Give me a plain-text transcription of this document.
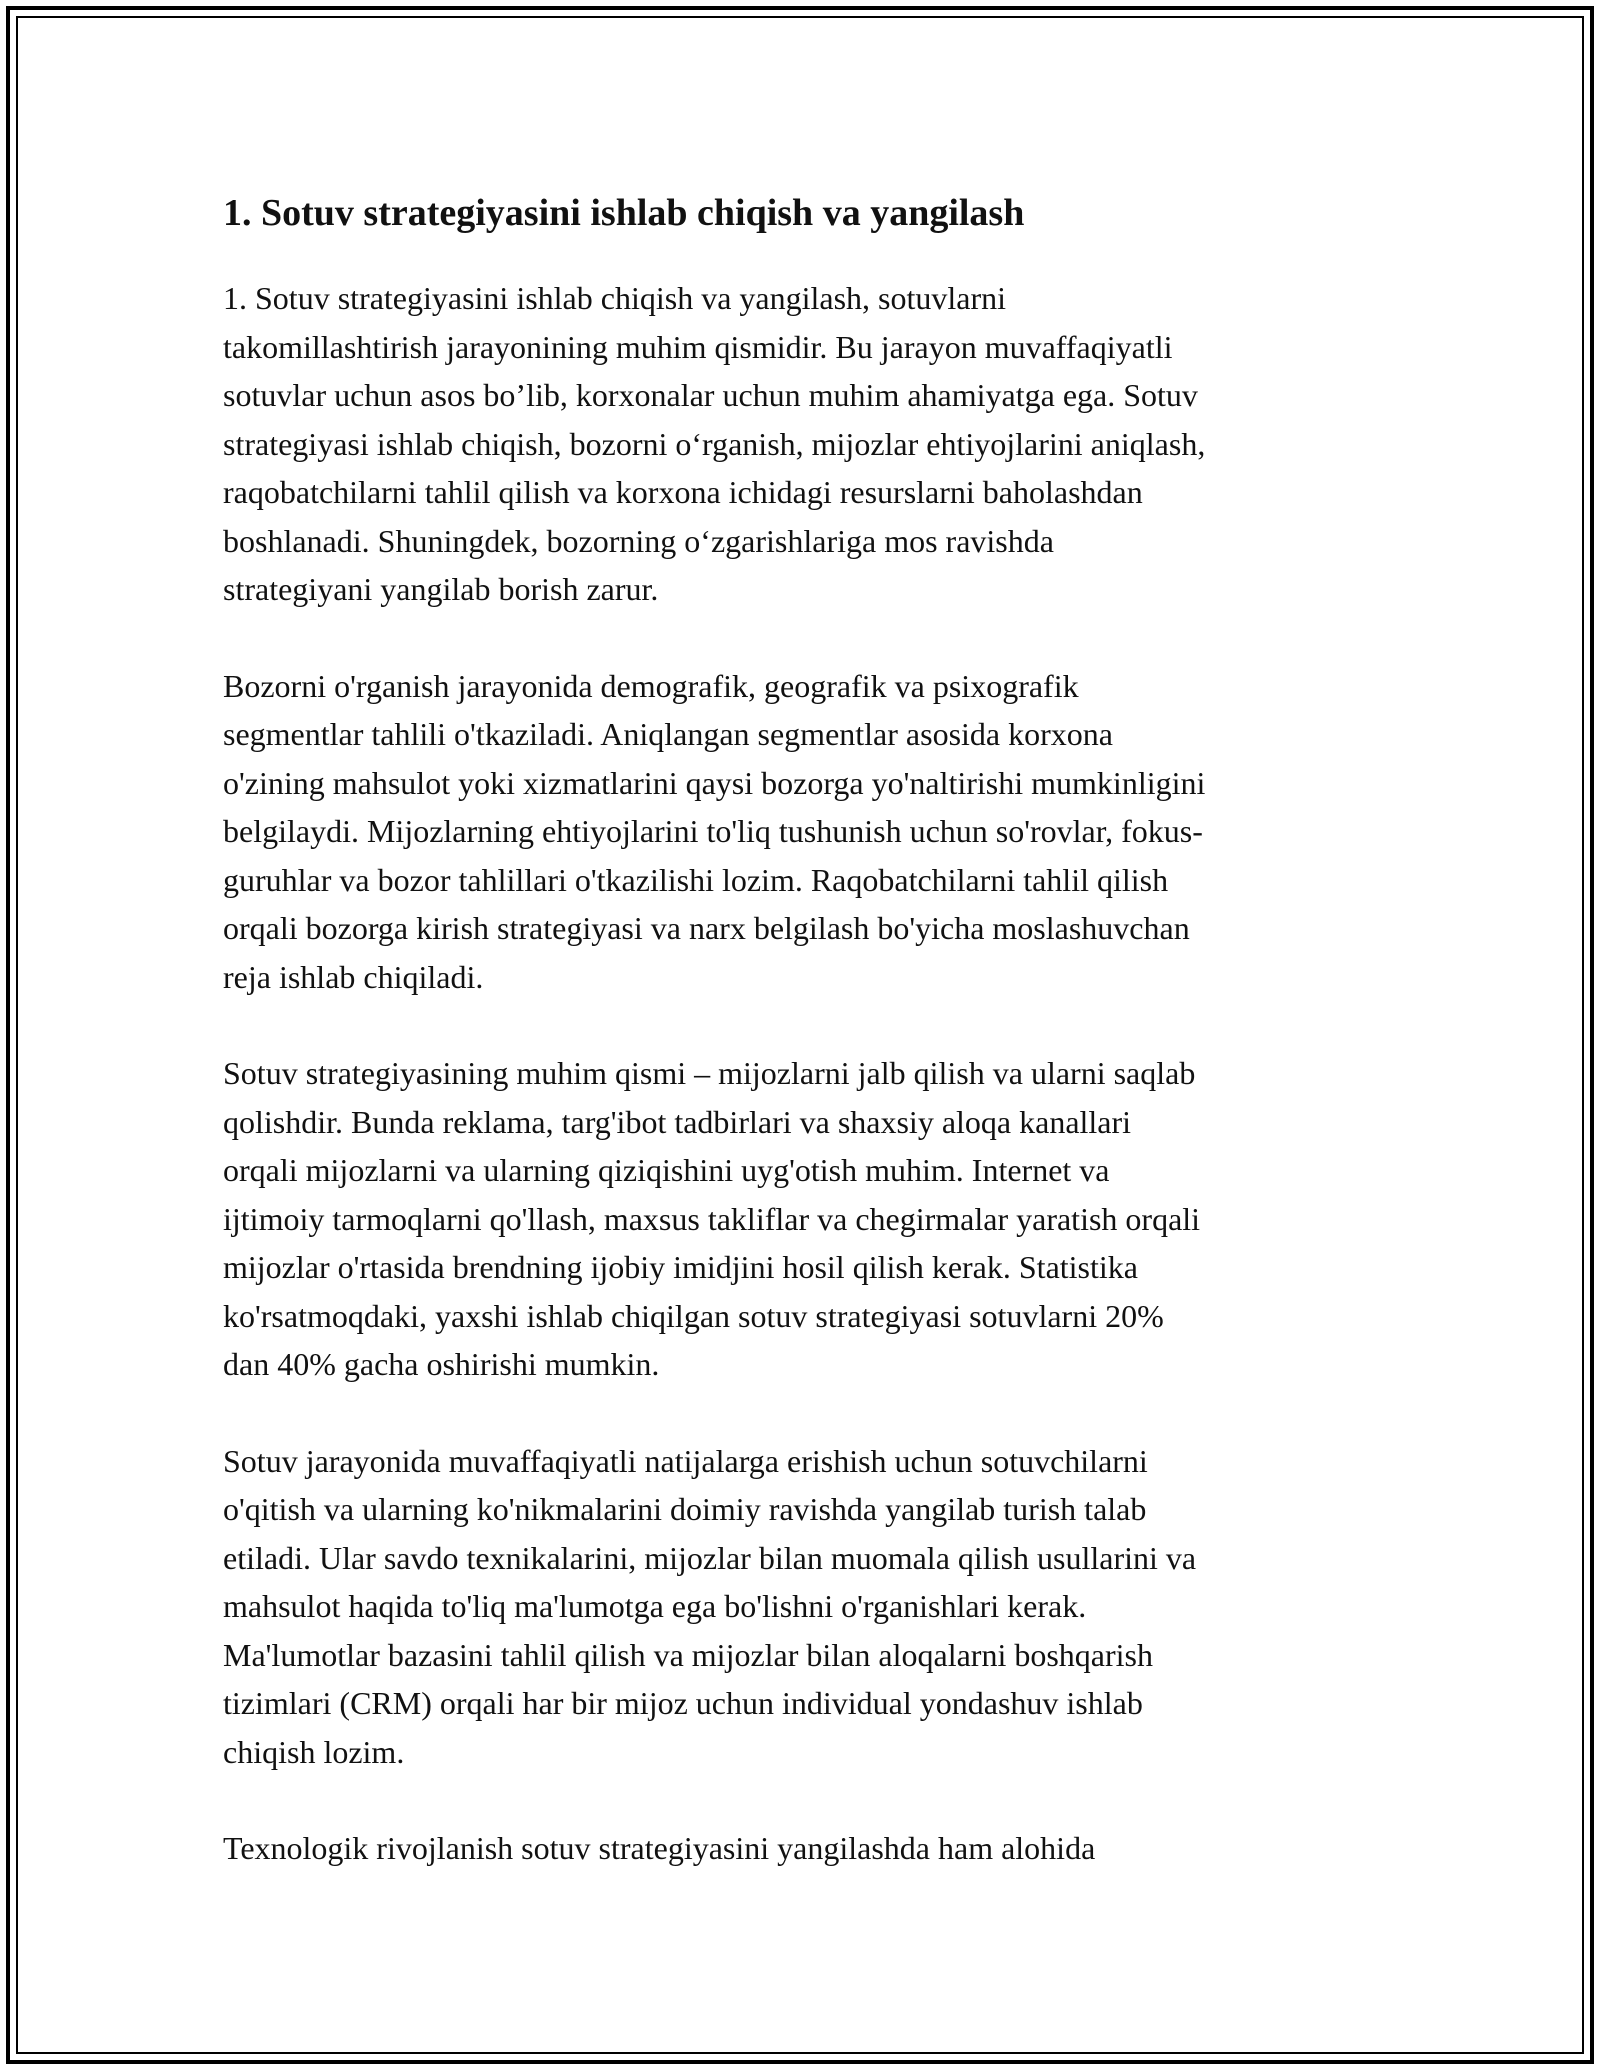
1. Sotuv strategiyasini ishlab chiqish va yangilash

1. Sotuv strategiyasini ishlab chiqish va yangilash, sotuvlarni
takomillashtirish jarayonining muhim qismidir. Bu jarayon muvaffaqiyatli
sotuvlar uchun asos bo’lib, korxonalar uchun muhim ahamiyatga ega. Sotuv
strategiyasi ishlab chiqish, bozorni o‘rganish, mijozlar ehtiyojlarini aniqlash,
raqobatchilarni tahlil qilish va korxona ichidagi resurslarni baholashdan
boshlanadi. Shuningdek, bozorning o‘zgarishlariga mos ravishda
strategiyani yangilab borish zarur.

Bozorni o'rganish jarayonida demografik, geografik va psixografik
segmentlar tahlili o'tkaziladi. Aniqlangan segmentlar asosida korxona
o'zining mahsulot yoki xizmatlarini qaysi bozorga yo'naltirishi mumkinligini
belgilaydi. Mijozlarning ehtiyojlarini to'liq tushunish uchun so'rovlar, fokus-
guruhlar va bozor tahlillari o'tkazilishi lozim. Raqobatchilarni tahlil qilish
orqali bozorga kirish strategiyasi va narx belgilash bo'yicha moslashuvchan
reja ishlab chiqiladi.

Sotuv strategiyasining muhim qismi – mijozlarni jalb qilish va ularni saqlab
qolishdir. Bunda reklama, targ'ibot tadbirlari va shaxsiy aloqa kanallari
orqali mijozlarni va ularning qiziqishini uyg'otish muhim. Internet va
ijtimoiy tarmoqlarni qo'llash, maxsus takliflar va chegirmalar yaratish orqali
mijozlar o'rtasida brendning ijobiy imidjini hosil qilish kerak. Statistika
ko'rsatmoqdaki, yaxshi ishlab chiqilgan sotuv strategiyasi sotuvlarni 20%
dan 40% gacha oshirishi mumkin.

Sotuv jarayonida muvaffaqiyatli natijalarga erishish uchun sotuvchilarni
o'qitish va ularning ko'nikmalarini doimiy ravishda yangilab turish talab
etiladi. Ular savdo texnikalarini, mijozlar bilan muomala qilish usullarini va
mahsulot haqida to'liq ma'lumotga ega bo'lishni o'rganishlari kerak.
Ma'lumotlar bazasini tahlil qilish va mijozlar bilan aloqalarni boshqarish
tizimlari (CRM) orqali har bir mijoz uchun individual yondashuv ishlab
chiqish lozim.

Texnologik rivojlanish sotuv strategiyasini yangilashda ham alohida
